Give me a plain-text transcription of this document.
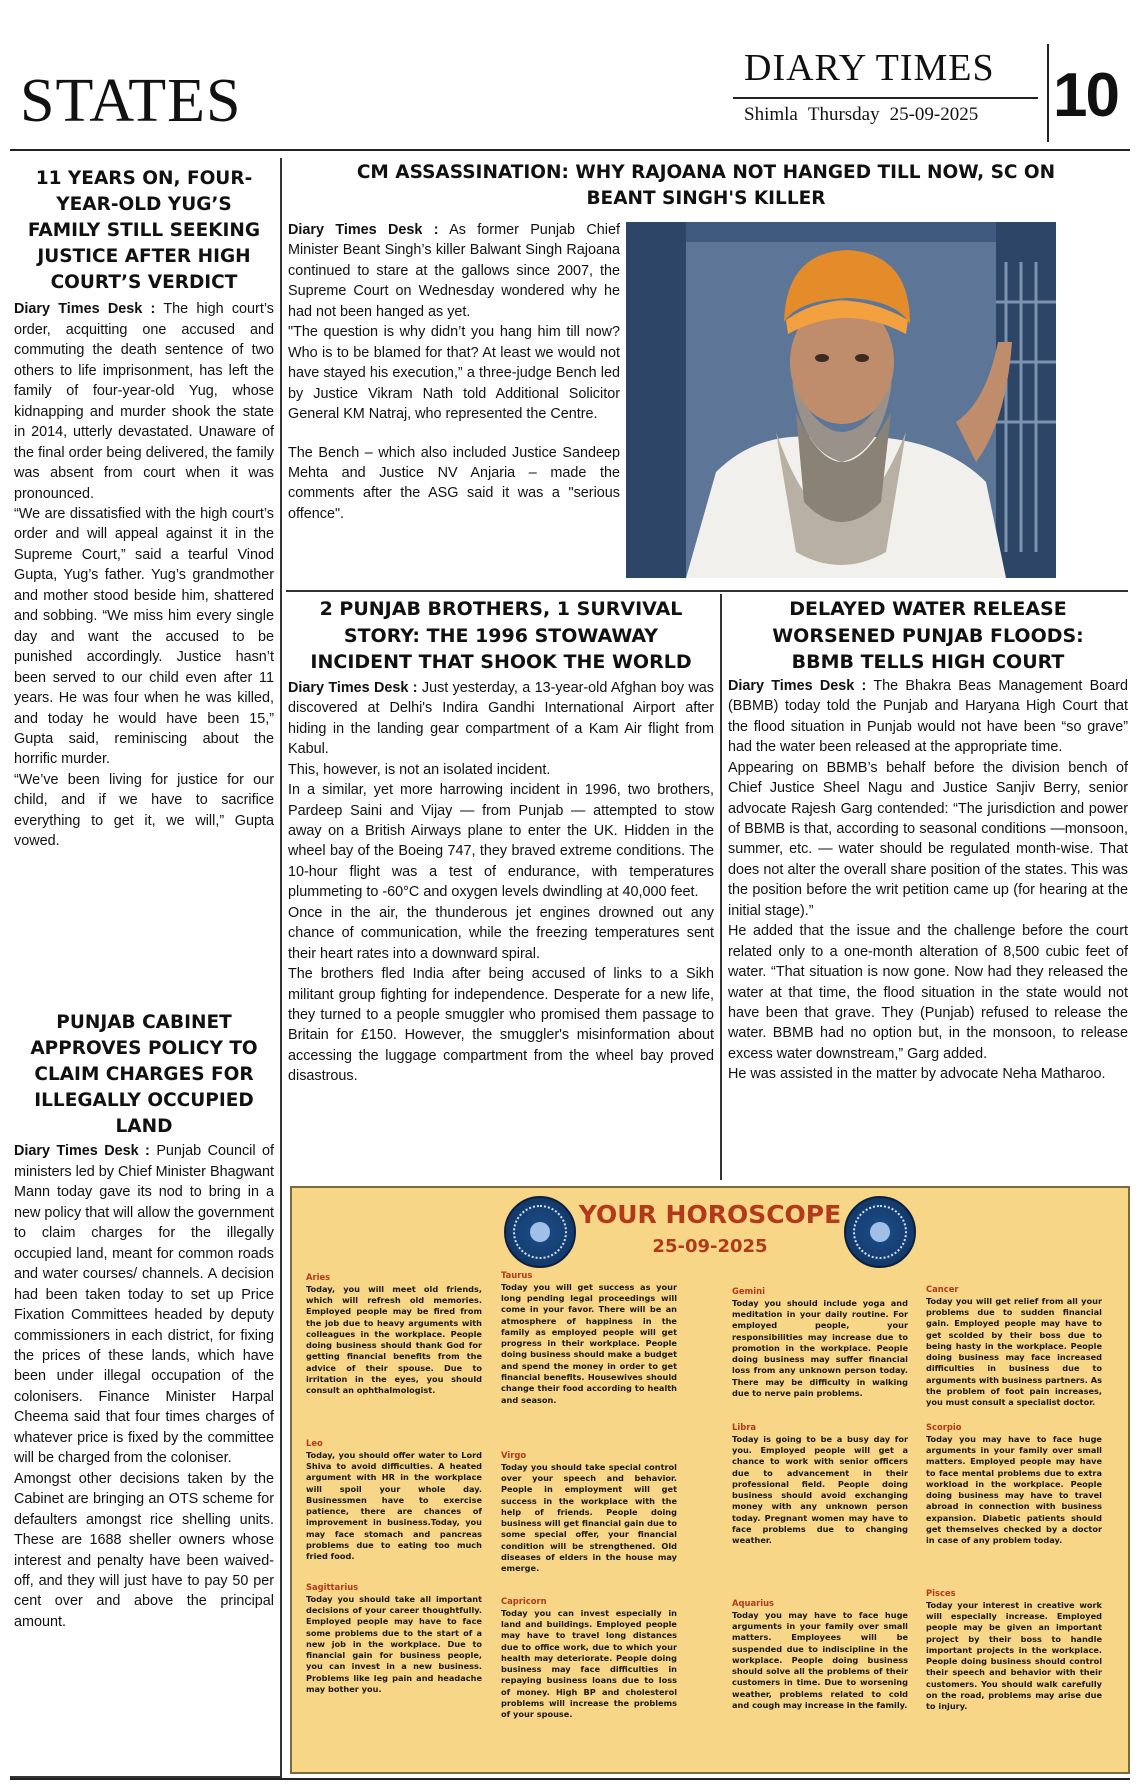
STATES	DIARY TIMES
Shimla Thursday 25-09-2025 10
11 YEARS ON, FOUR-YEAR-OLD YUG’S FAMILY STILL SEEKING JUSTICE AFTER HIGH COURT’S VERDICT

Diary Times Desk : The high court’s order, acquitting one accused and commuting the death sentence of two others to life imprisonment, has left the family of four-year-old Yug, whose kidnapping and murder shook the state in 2014, utterly devastated. Unaware of the final order being delivered, the family was absent from court when it was pronounced.

“We are dissatisfied with the high court’s order and will appeal against it in the Supreme Court,” said a tearful Vinod Gupta, Yug’s father. Yug’s grandmother and mother stood beside him, shattered and sobbing. “We miss him every single day and want the accused to be punished accordingly. Justice hasn’t been served to our child even after 11 years. He was four when he was killed, and today he would have been 15,” Gupta said, reminiscing about the horrific murder.

“We’ve been living for justice for our child, and if we have to sacrifice everything to get it, we will,” Gupta vowed.

PUNJAB CABINET APPROVES POLICY TO CLAIM CHARGES FOR ILLEGALLY OCCUPIED LAND

Diary Times Desk : Punjab Council of ministers led by Chief Minister Bhagwant Mann today gave its nod to bring in a new policy that will allow the government to claim charges for the illegally occupied land, meant for common roads and water courses/ channels. A decision had been taken today to set up Price Fixation Committees headed by deputy commissioners in each district, for fixing the prices of these lands, which have been under illegal occupation of the colonisers. Finance Minister Harpal Cheema said that four times charges of whatever price is fixed by the committee will be charged from the coloniser.

Amongst other decisions taken by the Cabinet are bringing an OTS scheme for defaulters amongst rice shelling units. These are 1688 sheller owners whose interest and penalty have been waived-off, and they will just have to pay 50 per cent over and above the principal amount.

CM ASSASSINATION: WHY RAJOANA NOT HANGED TILL NOW, SC ON BEANT SINGH'S KILLER

Diary Times Desk : As former Punjab Chief Minister Beant Singh’s killer Balwant Singh Rajoana continued to stare at the gallows since 2007, the Supreme Court on Wednesday wondered why he had not been hanged as yet.

"The question is why didn’t you hang him till now? Who is to be blamed for that? At least we would not have stayed his execution,” a three-judge Bench led by Justice Vikram Nath told Additional Solicitor General KM Natraj, who represented the Centre.

The Bench – which also included Justice Sandeep Mehta and Justice NV Anjaria – made the comments after the ASG said it was a "serious offence".

2 PUNJAB BROTHERS, 1 SURVIVAL STORY: THE 1996 STOWAWAY INCIDENT THAT SHOOK THE WORLD

Diary Times Desk : Just yesterday, a 13-year-old Afghan boy was discovered at Delhi's Indira Gandhi International Airport after hiding in the landing gear compartment of a Kam Air flight from Kabul.

This, however, is not an isolated incident.

In a similar, yet more harrowing incident in 1996, two brothers, Pardeep Saini and Vijay — from Punjab — attempted to stow away on a British Airways plane to enter the UK. Hidden in the wheel bay of the Boeing 747, they braved extreme conditions. The 10-hour flight was a test of endurance, with temperatures plummeting to -60°C and oxygen levels dwindling at 40,000 feet.

Once in the air, the thunderous jet engines drowned out any chance of communication, while the freezing temperatures sent their heart rates into a downward spiral.

The brothers fled India after being accused of links to a Sikh militant group fighting for independence. Desperate for a new life, they turned to a people smuggler who promised them passage to Britain for £150. However, the smuggler's misinformation about accessing the luggage compartment from the wheel bay proved disastrous.

DELAYED WATER RELEASE WORSENED PUNJAB FLOODS: BBMB TELLS HIGH COURT

Diary Times Desk : The Bhakra Beas Management Board (BBMB) today told the Punjab and Haryana High Court that the flood situation in Punjab would not have been “so grave” had the water been released at the appropriate time.

Appearing on BBMB’s behalf before the division bench of Chief Justice Sheel Nagu and Justice Sanjiv Berry, senior advocate Rajesh Garg contended: “The jurisdiction and power of BBMB is that, according to seasonal conditions —monsoon, summer, etc. — water should be regulated month-wise. That does not alter the overall share position of the states. This was the position before the writ petition came up (for hearing at the initial stage).”

He added that the issue and the challenge before the court related only to a one-month alteration of 8,500 cubic feet of water. “That situation is now gone. Now had they released the water at that time, the flood situation in the state would not have been that grave. They (Punjab) refused to release the water. BBMB had no option but, in the monsoon, to release excess water downstream,” Garg added.

He was assisted in the matter by advocate Neha Matharoo.

YOUR HOROSCOPE
25-09-2025
Aries
Today, you will meet old friends, which will refresh old memories. Employed people may be fired from the job due to heavy arguments with colleagues in the workplace. People doing business should thank God for getting financial benefits from the advice of their spouse. Due to irritation in the eyes, you should consult an ophthalmologist.
Taurus
Today you will get success as your long pending legal proceedings will come in your favor. There will be an atmosphere of happiness in the family as employed people will get progress in their workplace. People doing business should make a budget and spend the money in order to get financial benefits. Housewives should change their food according to health and season.
Gemini
Today you should include yoga and meditation in your daily routine. For employed people, your responsibilities may increase due to promotion in the workplace. People doing business may suffer financial loss from any unknown person today. There may be difficulty in walking due to nerve pain problems.
Cancer
Today you will get relief from all your problems due to sudden financial gain. Employed people may have to get scolded by their boss due to being hasty in the workplace. People doing business may face increased difficulties in business due to arguments with business partners. As the problem of foot pain increases, you must consult a specialist doctor.
Leo
Today, you should offer water to Lord Shiva to avoid difficulties. A heated argument with HR in the workplace will spoil your whole day. Businessmen have to exercise patience, there are chances of improvement in business.Today, you may face stomach and pancreas problems due to eating too much fried food.
Virgo
Today you should take special control over your speech and behavior. People in employment will get success in the workplace with the help of friends. People doing business will get financial gain due to some special offer, your financial condition will be strengthened. Old diseases of elders in the house may emerge.
Libra
Today is going to be a busy day for you. Employed people will get a chance to work with senior officers due to advancement in their professional field. People doing business should avoid exchanging money with any unknown person today. Pregnant women may have to face problems due to changing weather.
Scorpio
Today you may have to face huge arguments in your family over small matters. Employed people may have to face mental problems due to extra workload in the workplace. People doing business may have to travel abroad in connection with business expansion. Diabetic patients should get themselves checked by a doctor in case of any problem today.
Sagittarius
Today you should take all important decisions of your career thoughtfully. Employed people may have to face some problems due to the start of a new job in the workplace. Due to financial gain for business people, you can invest in a new business. Problems like leg pain and headache may bother you.
Capricorn
Today you can invest especially in land and buildings. Employed people may have to travel long distances due to office work, due to which your health may deteriorate. People doing business may face difficulties in repaying business loans due to loss of money. High BP and cholesterol problems will increase the problems of your spouse.
Aquarius
Today you may have to face huge arguments in your family over small matters. Employees will be suspended due to indiscipline in the workplace. People doing business should solve all the problems of their customers in time. Due to worsening weather, problems related to cold and cough may increase in the family.
Pisces
Today your interest in creative work will especially increase. Employed people may be given an important project by their boss to handle important projects in the workplace. People doing business should control their speech and behavior with their customers. You should walk carefully on the road, problems may arise due to injury.
